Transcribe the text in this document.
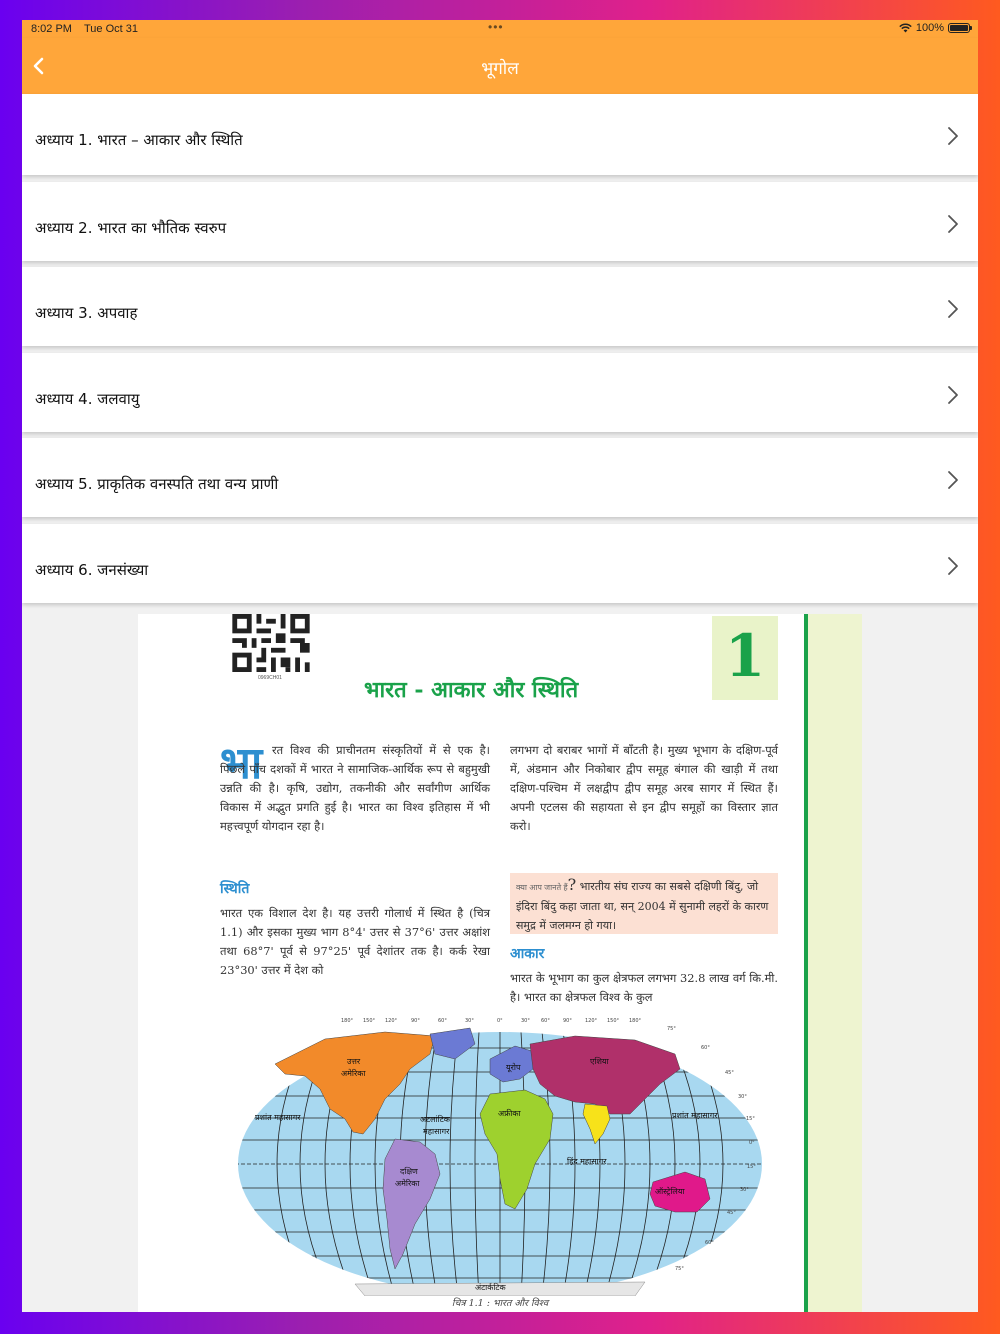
8:02 PM Tue Oct 31	•••	100%
भूगोल
अध्याय 1. भारत – आकार और स्थिति
अध्याय 2. भारत का भौतिक स्वरुप
अध्याय 3. अपवाह
अध्याय 4. जलवायु
अध्याय 5. प्राकृतिक वनस्पति तथा वन्य प्राणी
अध्याय 6. जनसंख्या
0969CH01	1
भारत - आकार और स्थिति
भा रत विश्व की प्राचीनतम संस्कृतियों में से एक है। पिछले पाँच दशकों में भारत ने सामाजिक-आर्थिक रूप से बहुमुखी उन्नति की है। कृषि, उद्योग, तकनीकी और सर्वांगीण आर्थिक विकास में अद्भुत प्रगति हुई है। भारत का विश्व इतिहास में भी महत्त्वपूर्ण योगदान रहा है।
स्थिति
भारत एक विशाल देश है। यह उत्तरी गोलार्ध में स्थित है (चित्र 1.1) और इसका मुख्य भाग 8°4' उत्तर से 37°6' उत्तर अक्षांश तथा 68°7' पूर्व से 97°25' पूर्व देशांतर तक है। कर्क रेखा 23°30' उत्तर में देश को
लगभग दो बराबर भागों में बाँटती है। मुख्य भूभाग के दक्षिण-पूर्व में, अंडमान और निकोबार द्वीप समूह बंगाल की खाड़ी में तथा दक्षिण-पश्चिम में लक्षद्वीप द्वीप समूह अरब सागर में स्थित हैं। अपनी एटलस की सहायता से इन द्वीप समूहों का विस्तार ज्ञात करो।
क्या आप जानते हैं? भारतीय संघ राज्य का सबसे दक्षिणी बिंदु, जो इंदिरा बिंदु कहा जाता था, सन् 2004 में सुनामी लहरों के कारण समुद्र में जलमग्न हो गया।
आकार
भारत के भूभाग का कुल क्षेत्रफल लगभग 32.8 लाख वर्ग कि.मी. है। भारत का क्षेत्रफल विश्व के कुल
उत्तर
अमेरिका
दक्षिण
अमेरिका
यूरोप
एशिया
अफ्रीका
ऑस्ट्रेलिया
अंटार्कटिक
प्रशांत महासागर	प्रशांत महासागर
अटलांटिक
महासागर
हिंद महासागर
180° 150° 120°	90°	60°	30°	0°	30° 60°	90°	120° 150° 180°
75°
60°
45°
30°
15°
0°
15°
30°
45°
60°
75°
चित्र 1.1 : भारत और विश्व
